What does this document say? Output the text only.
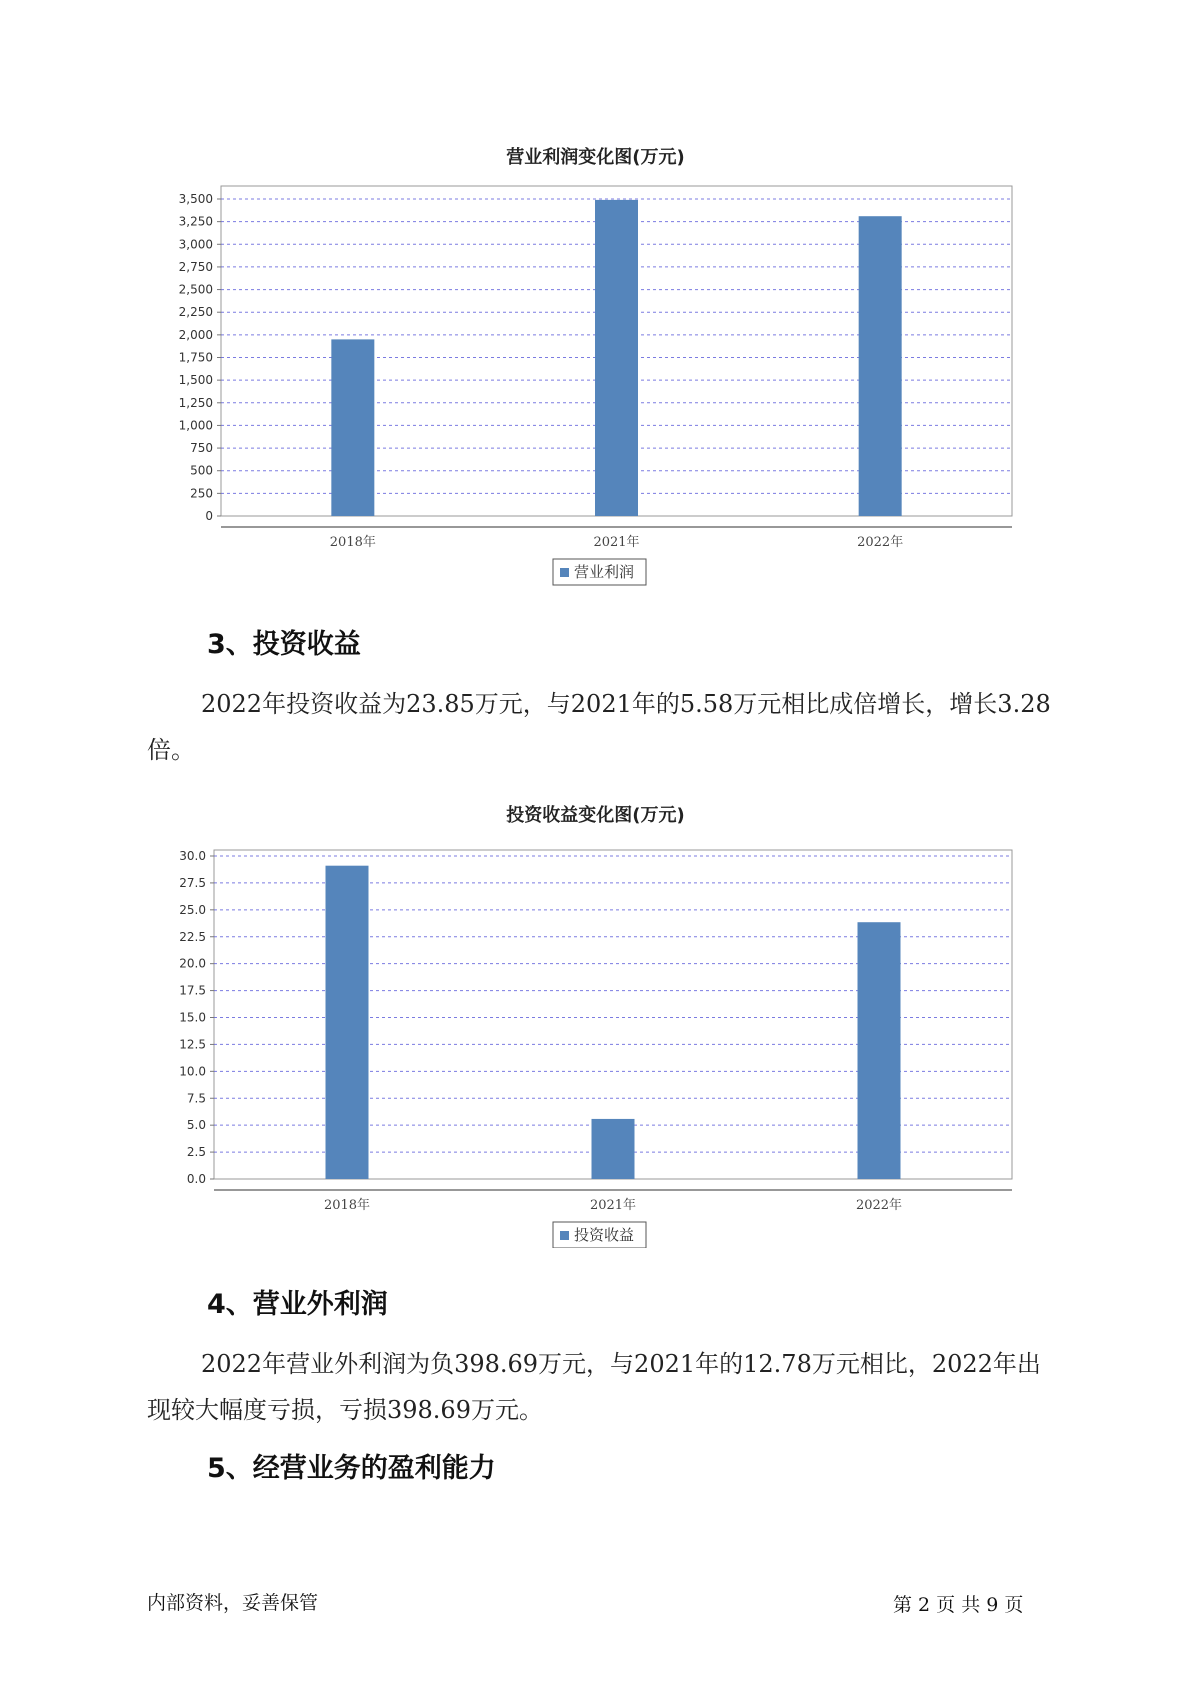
营业利润变化图(万元)
0
250
500
750
1,000
1,250
1,500
1,750
2,000
2,250
2,500
2,750
3,000
3,250
3,500
2018年	2021年	2022年
营业利润
3、投资收益

2022年投资收益为23.85万元，与2021年的5.58万元相比成倍增长，增长3.28倍。

投资收益变化图(万元)
0.0
2.5
5.0
7.5
10.0
12.5
15.0
17.5
20.0
22.5
25.0
27.5
30.0
2018年	2021年	2022年
投资收益
4、营业外利润

2022年营业外利润为负398.69万元，与2021年的12.78万元相比，2022年出现较大幅度亏损，亏损398.69万元。

5、经营业务的盈利能力
内部资料，妥善保管	第 2 页 共 9 页
